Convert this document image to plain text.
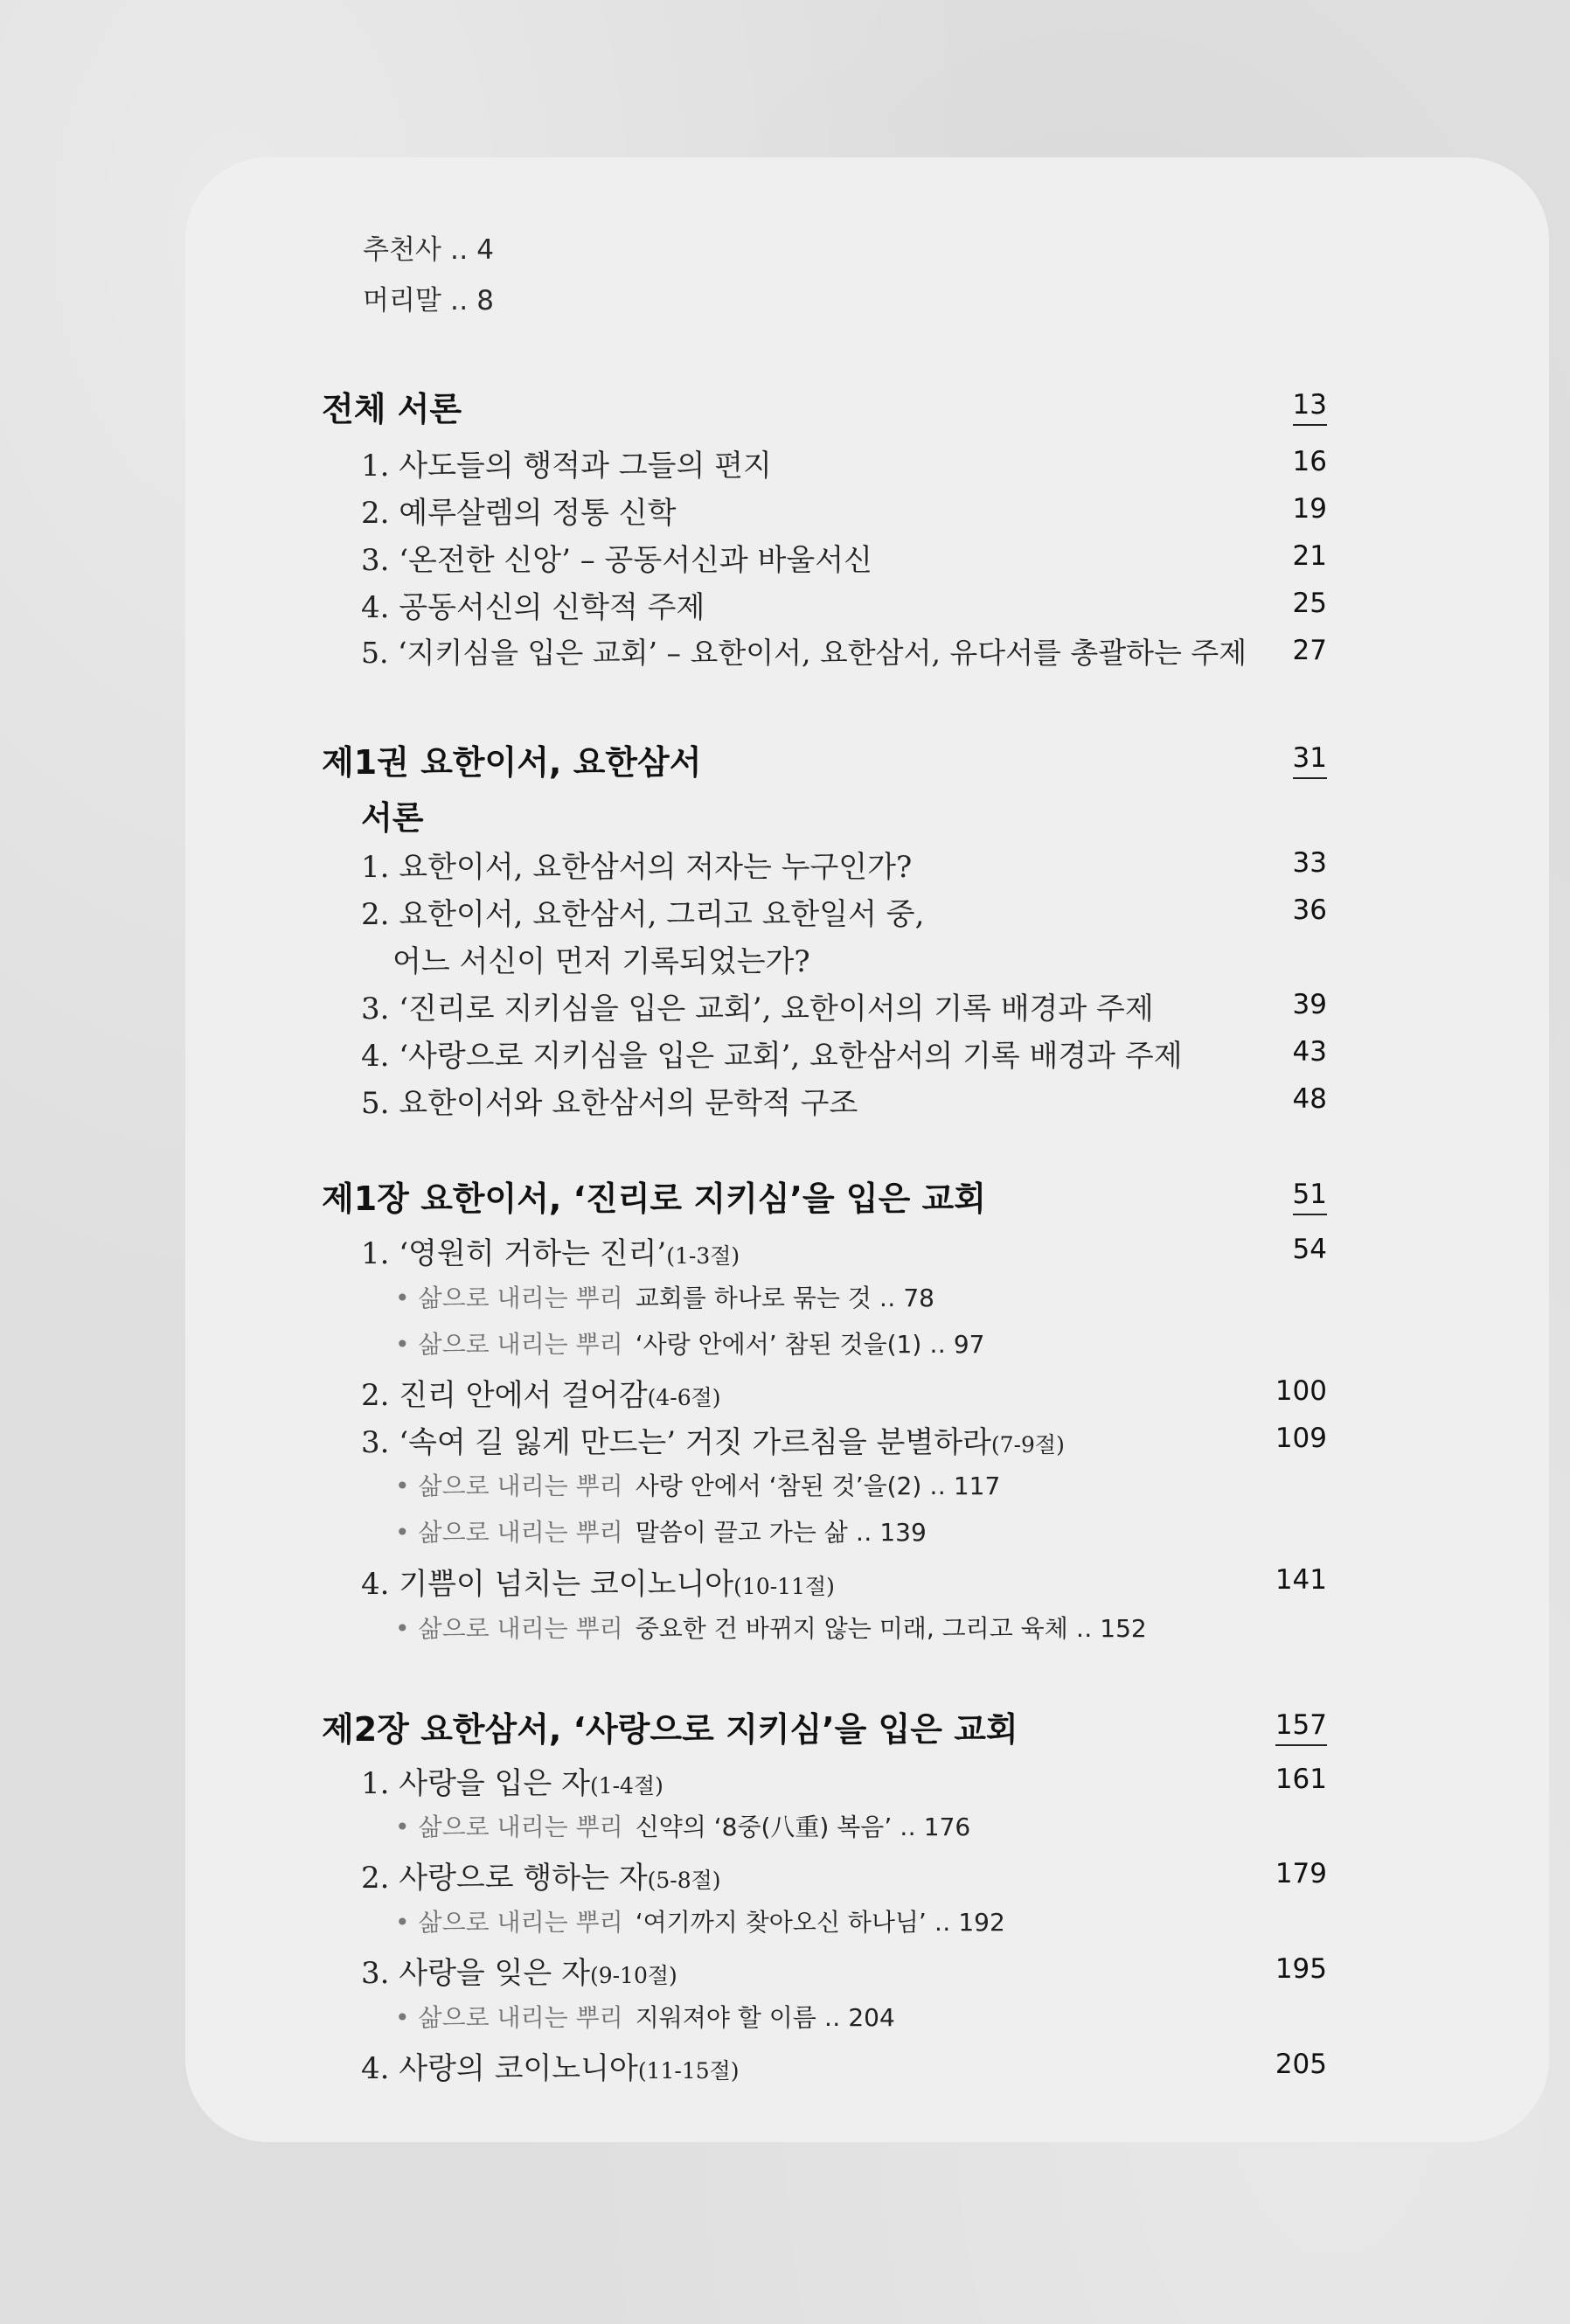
추천사 ‥ 4
머리말 ‥ 8
전체 서론	13
1. 사도들의 행적과 그들의 편지	16
2. 예루살렘의 정통 신학	19
3. ‘온전한 신앙’ – 공동서신과 바울서신	21
4. 공동서신의 신학적 주제	25
5. ‘지키심을 입은 교회’ – 요한이서, 요한삼서, 유다서를 총괄하는 주제	27
제1권 요한이서, 요한삼서	31
서론
1. 요한이서, 요한삼서의 저자는 누구인가?	33
2. 요한이서, 요한삼서, 그리고 요한일서 중,	36
어느 서신이 먼저 기록되었는가?
3. ‘진리로 지키심을 입은 교회’, 요한이서의 기록 배경과 주제	39
4. ‘사랑으로 지키심을 입은 교회’, 요한삼서의 기록 배경과 주제	43
5. 요한이서와 요한삼서의 문학적 구조	48
제1장 요한이서, ‘진리로 지키심’을 입은 교회	51
1. ‘영원히 거하는 진리’(1-3절)	54
• 삶으로 내리는 뿌리 교회를 하나로 묶는 것 ‥ 78
• 삶으로 내리는 뿌리 ‘사랑 안에서’ 참된 것을(1) ‥ 97
2. 진리 안에서 걸어감(4-6절)	100
3. ‘속여 길 잃게 만드는’ 거짓 가르침을 분별하라(7-9절)	109
• 삶으로 내리는 뿌리 사랑 안에서 ‘참된 것’을(2) ‥ 117
• 삶으로 내리는 뿌리 말씀이 끌고 가는 삶 ‥ 139
4. 기쁨이 넘치는 코이노니아(10-11절)	141
• 삶으로 내리는 뿌리 중요한 건 바뀌지 않는 미래, 그리고 육체 ‥ 152
제2장 요한삼서, ‘사랑으로 지키심’을 입은 교회	157
1. 사랑을 입은 자(1-4절)	161
• 삶으로 내리는 뿌리 신약의 ‘8중(八重) 복음’ ‥ 176
2. 사랑으로 행하는 자(5-8절)	179
• 삶으로 내리는 뿌리 ‘여기까지 찾아오신 하나님’ ‥ 192
3. 사랑을 잊은 자(9-10절)	195
• 삶으로 내리는 뿌리 지워져야 할 이름 ‥ 204
4. 사랑의 코이노니아(11-15절)	205
